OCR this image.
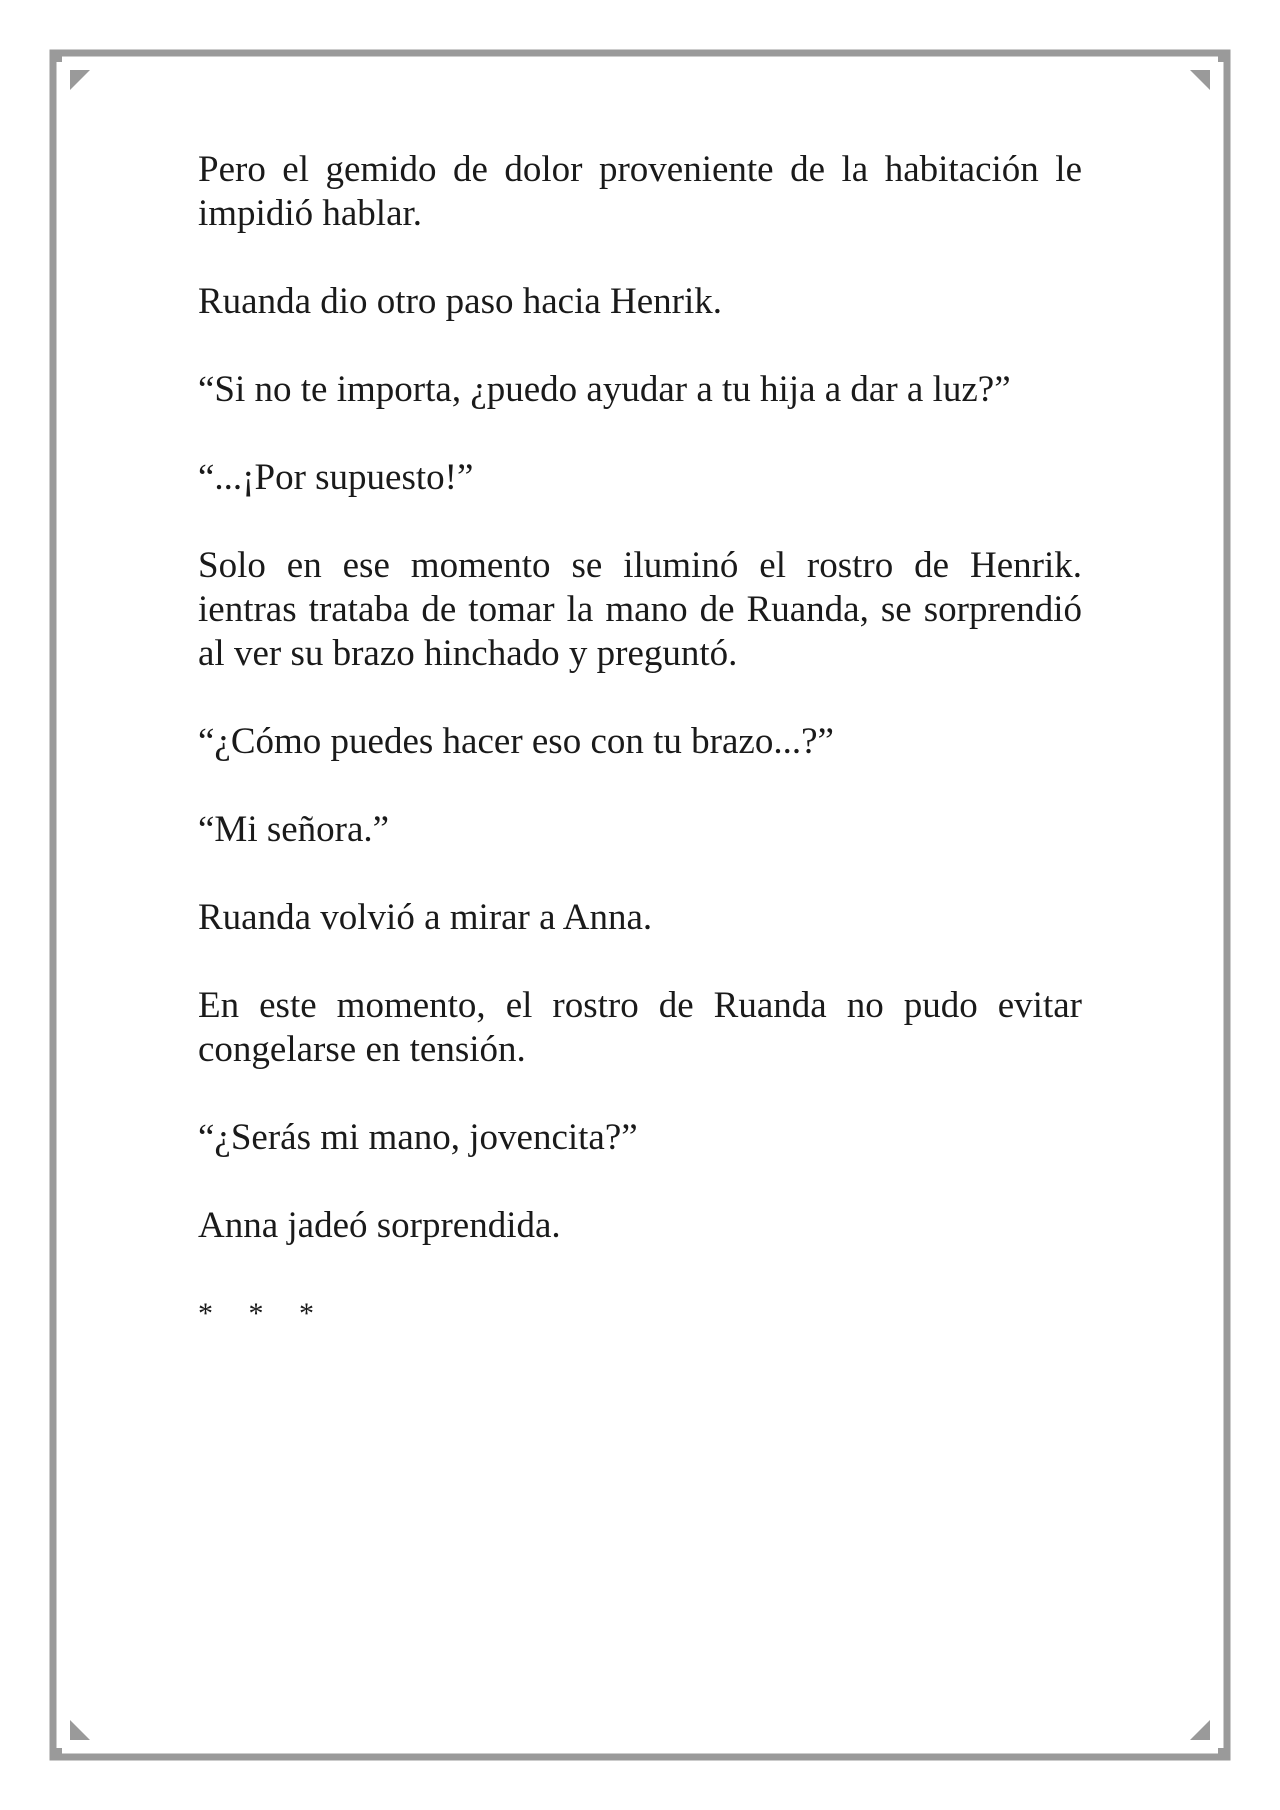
Pero el gemido de dolor proveniente de la habitación le impidió hablar.

Ruanda dio otro paso hacia Henrik.

“Si no te importa, ¿puedo ayudar a tu hija a dar a luz?”

“...¡Por supuesto!”

Solo en ese momento se iluminó el rostro de Henrik. ientras trataba de tomar la mano de Ruanda, se sorprendió al ver su brazo hinchado y preguntó.

“¿Cómo puedes hacer eso con tu brazo...?”

“Mi señora.”

Ruanda volvió a mirar a Anna.

En este momento, el rostro de Ruanda no pudo evitar congelarse en tensión.

“¿Serás mi mano, jovencita?”

Anna jadeó sorprendida.

* * *
